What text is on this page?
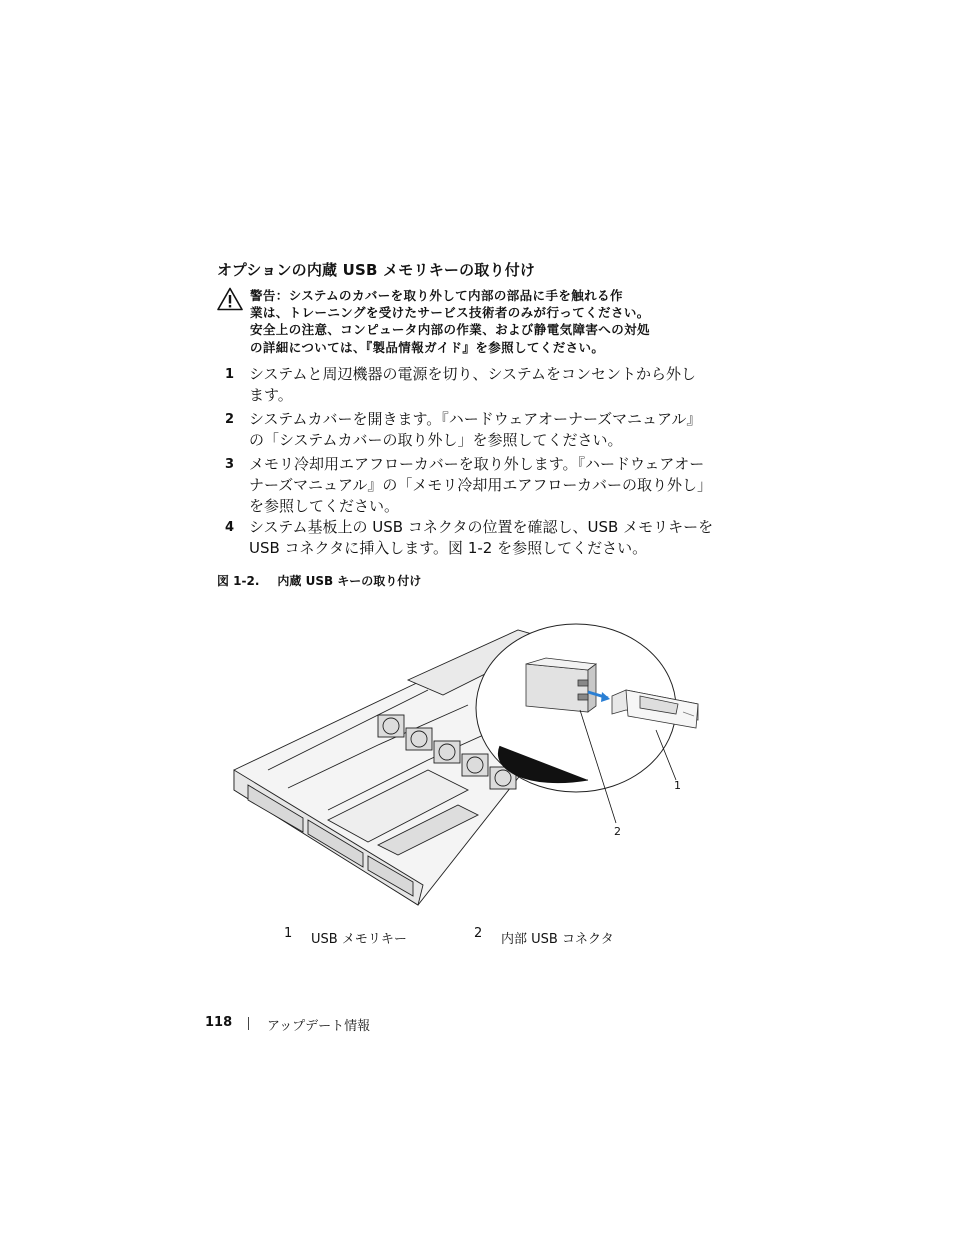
オプションの内蔵 USB メモリキーの取り付け
警告：システムのカバーを取り外して内部の部品に手を触れる作
業は、トレーニングを受けたサービス技術者のみが行ってください。
安全上の注意、コンピュータ内部の作業、および静電気障害への対処
の詳細については、『製品情報ガイド』を参照してください。
1 システムと周辺機器の電源を切り、システムをコンセントから外し
ます。
2 システムカバーを開きます。『ハードウェアオーナーズマニュアル』
の「システムカバーの取り外し」を参照してください。
3 メモリ冷却用エアフローカバーを取り外します。『ハードウェアオー
ナーズマニュアル』の「メモリ冷却用エアフローカバーの取り外し」
を参照してください。
4 システム基板上の USB コネクタの位置を確認し、USB メモリキーを
USB コネクタに挿入します。図 1-2 を参照してください。
図 1-2. 内蔵 USB キーの取り付け
1
2
1 USB メモリキー	2 内部 USB コネクタ
118	アップデート情報
